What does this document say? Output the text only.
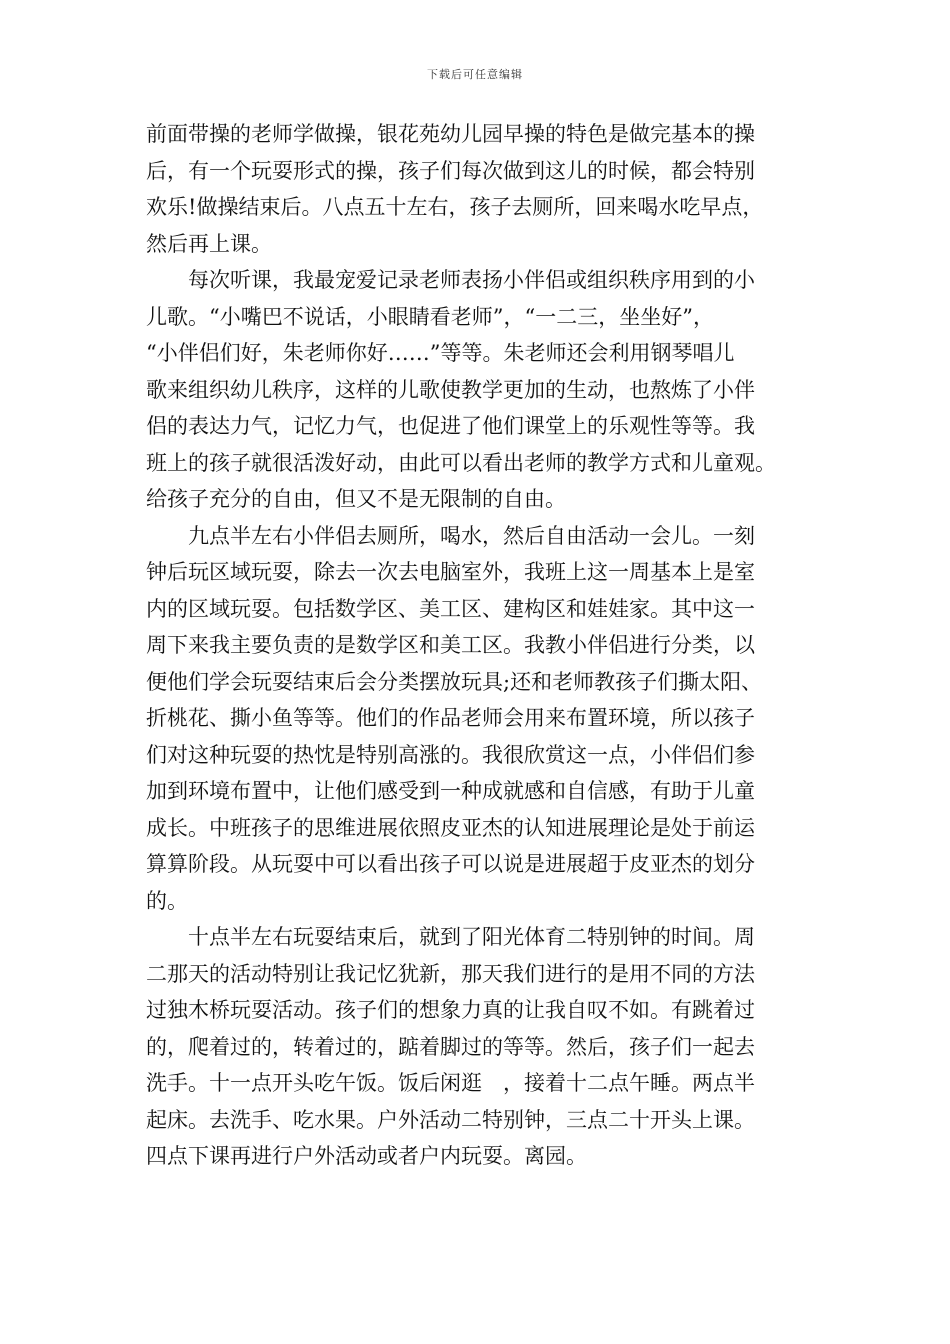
下载后可任意编辑
前面带操的老师学做操，银花苑幼儿园早操的特色是做完基本的操
后，有一个玩耍形式的操，孩子们每次做到这儿的时候，都会特别
欢乐!做操结束后。八点五十左右，孩子去厕所，回来喝水吃早点，
然后再上课。
每次听课，我最宠爱记录老师表扬小伴侣或组织秩序用到的小
儿歌。“小嘴巴不说话，小眼睛看老师”，“一二三，坐坐好”，
“小伴侣们好，朱老师你好……”等等。朱老师还会利用钢琴唱儿
歌来组织幼儿秩序，这样的儿歌使教学更加的生动，也熬炼了小伴
侣的表达力气，记忆力气，也促进了他们课堂上的乐观性等等。我
班上的孩子就很活泼好动，由此可以看出老师的教学方式和儿童观。
给孩子充分的自由，但又不是无限制的自由。
九点半左右小伴侣去厕所，喝水，然后自由活动一会儿。一刻
钟后玩区域玩耍，除去一次去电脑室外，我班上这一周基本上是室
内的区域玩耍。包括数学区、美工区、建构区和娃娃家。其中这一
周下来我主要负责的是数学区和美工区。我教小伴侣进行分类，以
便他们学会玩耍结束后会分类摆放玩具;还和老师教孩子们撕太阳、
折桃花、撕小鱼等等。他们的作品老师会用来布置环境，所以孩子
们对这种玩耍的热忱是特别高涨的。我很欣赏这一点，小伴侣们参
加到环境布置中，让他们感受到一种成就感和自信感，有助于儿童
成长。中班孩子的思维进展依照皮亚杰的认知进展理论是处于前运
算算阶段。从玩耍中可以看出孩子可以说是进展超于皮亚杰的划分
的。
十点半左右玩耍结束后，就到了阳光体育二特别钟的时间。周
二那天的活动特别让我记忆犹新，那天我们进行的是用不同的方法
过独木桥玩耍活动。孩子们的想象力真的让我自叹不如。有跳着过
的，爬着过的，转着过的，踮着脚过的等等。然后，孩子们一起去
洗手。十一点开头吃午饭。饭后闲逛　，接着十二点午睡。两点半
起床。去洗手、吃水果。户外活动二特别钟，三点二十开头上课。
四点下课再进行户外活动或者户内玩耍。离园。
